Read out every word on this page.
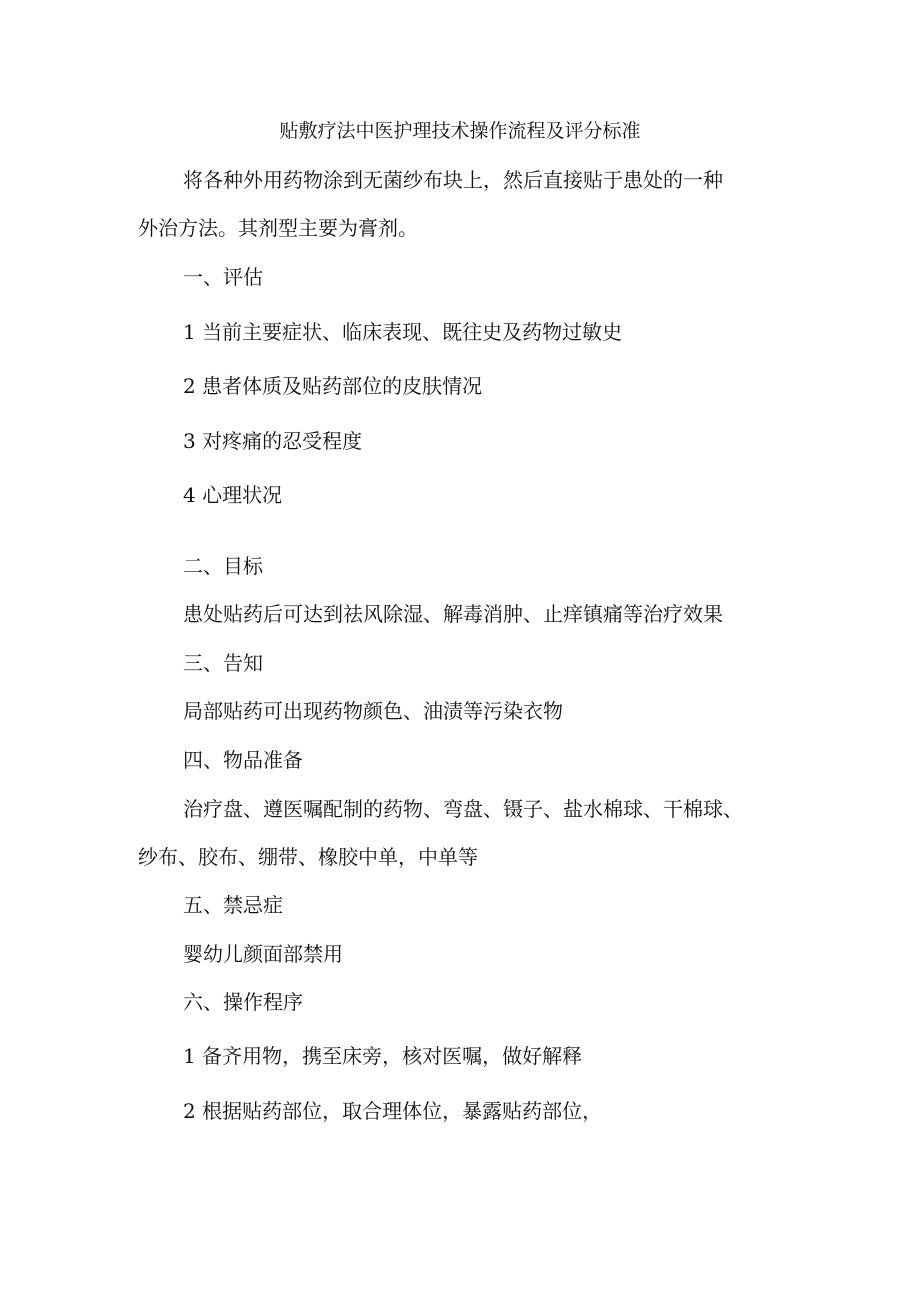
贴敷疗法中医护理技术操作流程及评分标准
将各种外用药物涂到无菌纱布块上，然后直接贴于患处的一种
外治方法。其剂型主要为膏剂。
一、评估
1 当前主要症状、临床表现、既往史及药物过敏史
2 患者体质及贴药部位的皮肤情况
3 对疼痛的忍受程度
4 心理状况
二、目标
患处贴药后可达到祛风除湿、解毒消肿、止痒镇痛等治疗效果
三、告知
局部贴药可出现药物颜色、油渍等污染衣物
四、物品准备
治疗盘、遵医嘱配制的药物、弯盘、镊子、盐水棉球、干棉球、
纱布、胶布、绷带、橡胶中单，中单等
五、禁忌症
婴幼儿颜面部禁用
六、操作程序
1 备齐用物，携至床旁，核对医嘱，做好解释
2 根据贴药部位，取合理体位，暴露贴药部位，
